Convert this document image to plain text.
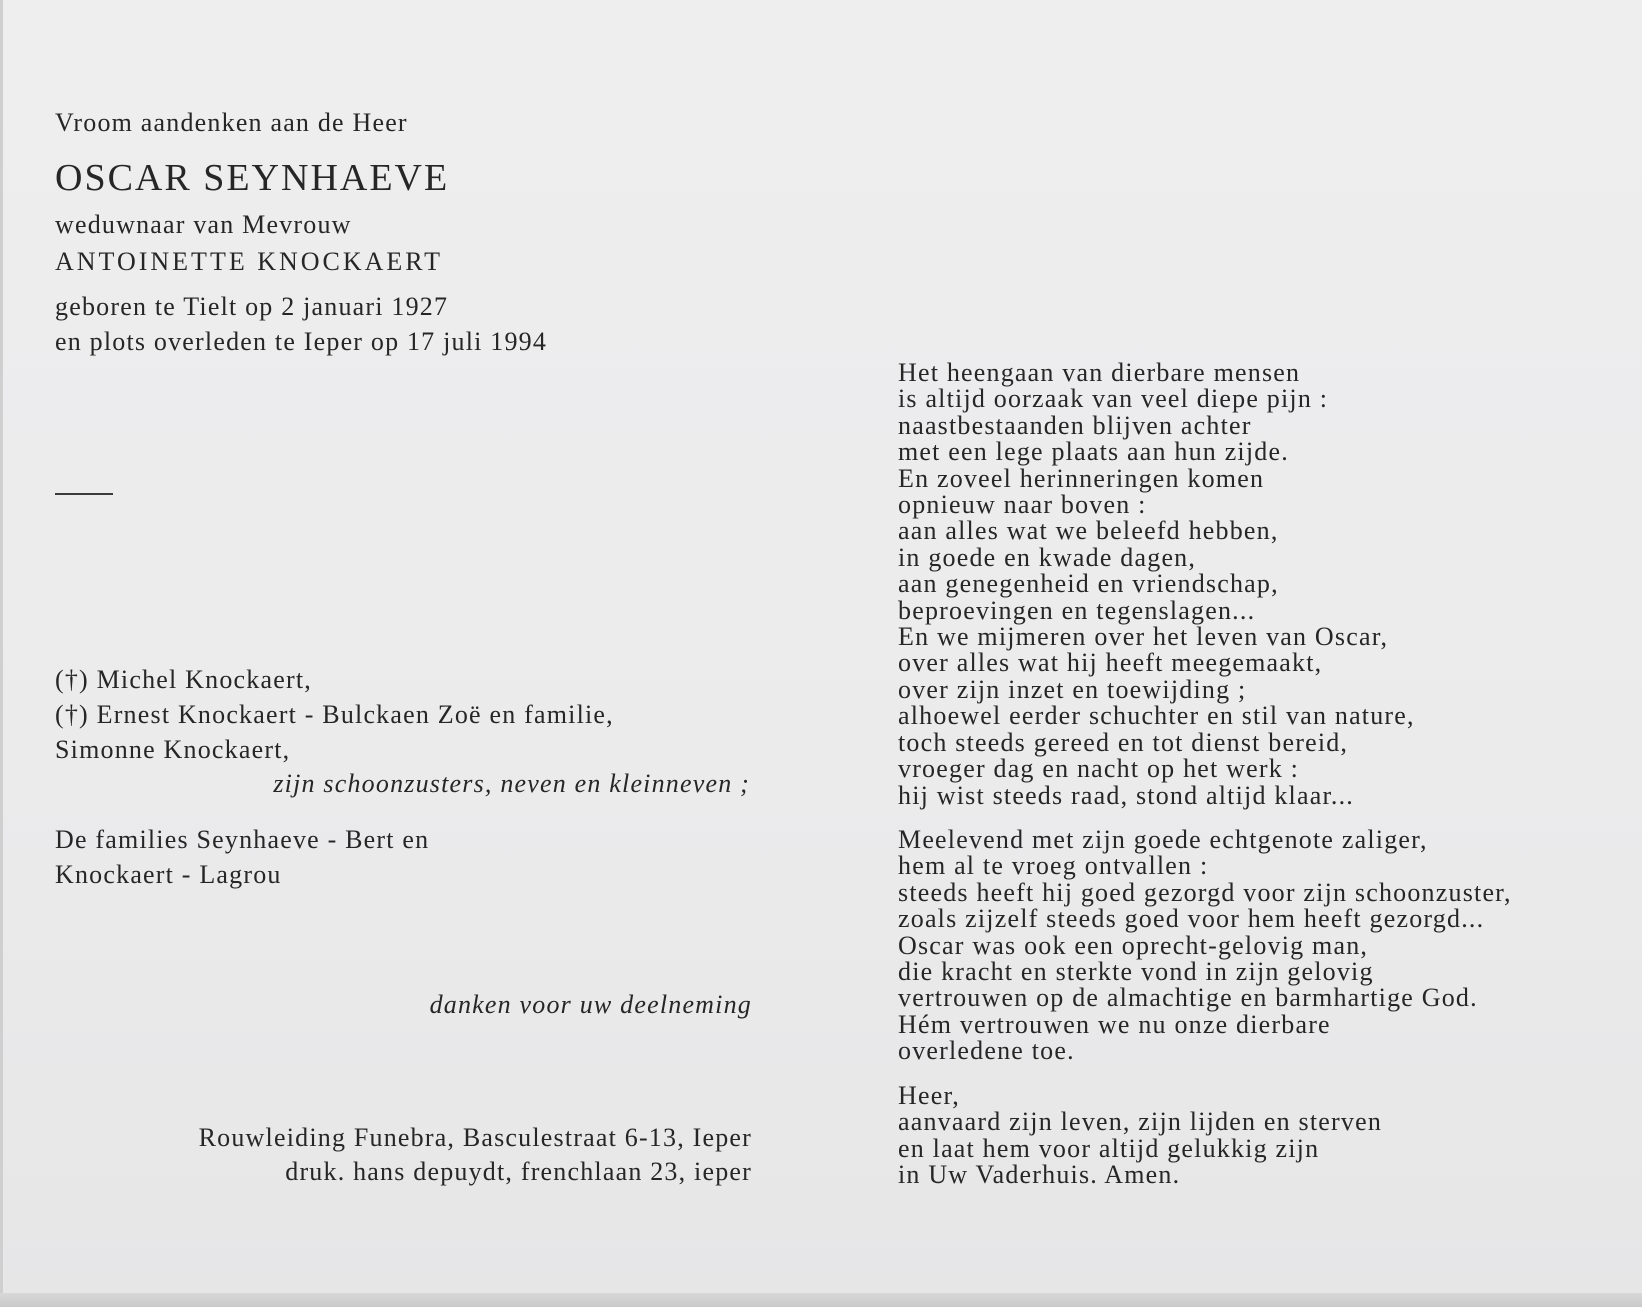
Vroom aandenken aan de Heer
OSCAR SEYNHAEVE
weduwnaar van Mevrouw
ANTOINETTE KNOCKAERT
geboren te Tielt op 2 januari 1927
en plots overleden te Ieper op 17 juli 1994
(†) Michel Knockaert,
(†) Ernest Knockaert - Bulckaen Zoë en familie,
Simonne Knockaert,
zijn schoonzusters, neven en kleinneven ;
De families Seynhaeve - Bert en
Knockaert - Lagrou
danken voor uw deelneming
Rouwleiding Funebra, Basculestraat 6-13, Ieper
druk. hans depuydt, frenchlaan 23, ieper
Het heengaan van dierbare mensen
is altijd oorzaak van veel diepe pijn :
naastbestaanden blijven achter
met een lege plaats aan hun zijde.
En zoveel herinneringen komen
opnieuw naar boven :
aan alles wat we beleefd hebben,
in goede en kwade dagen,
aan genegenheid en vriendschap,
beproevingen en tegenslagen...
En we mijmeren over het leven van Oscar,
over alles wat hij heeft meegemaakt,
over zijn inzet en toewijding ;
alhoewel eerder schuchter en stil van nature,
toch steeds gereed en tot dienst bereid,
vroeger dag en nacht op het werk :
hij wist steeds raad, stond altijd klaar...
Meelevend met zijn goede echtgenote zaliger,
hem al te vroeg ontvallen :
steeds heeft hij goed gezorgd voor zijn schoonzuster,
zoals zijzelf steeds goed voor hem heeft gezorgd...
Oscar was ook een oprecht-gelovig man,
die kracht en sterkte vond in zijn gelovig
vertrouwen op de almachtige en barmhartige God.
Hém vertrouwen we nu onze dierbare
overledene toe.
Heer,
aanvaard zijn leven, zijn lijden en sterven
en laat hem voor altijd gelukkig zijn
in Uw Vaderhuis. Amen.
